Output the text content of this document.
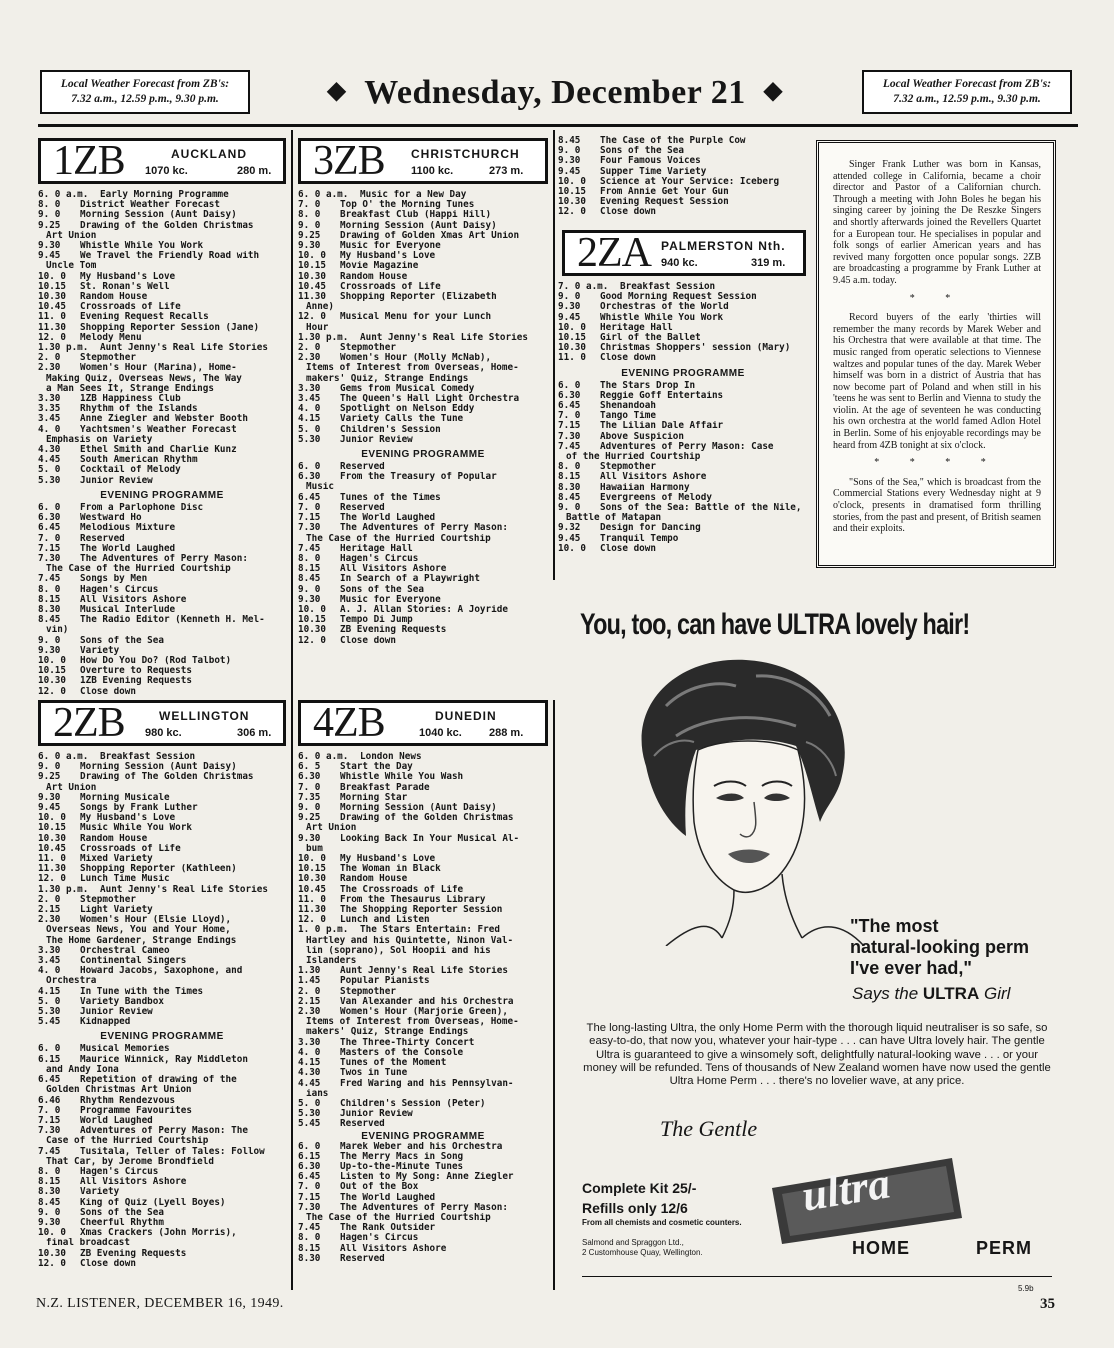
Local Weather Forecast from ZB's:
7.32 a.m., 12.59 p.m., 9.30 p.m.	◆ Wednesday, December 21 ◆	Local Weather Forecast from ZB's:
7.32 a.m., 12.59 p.m., 9.30 p.m.
1ZB	AUCKLAND
1070 kc.	280 m.
6. 0 a.m.	Early Morning Programme
8. 0	District Weather Forecast
9. 0	Morning Session (Aunt Daisy)
9.25	Drawing of the Golden Christmas
Art Union
9.30	Whistle While You Work
9.45	We Travel the Friendly Road with
Uncle Tom
10. 0	My Husband's Love
10.15	St. Ronan's Well
10.30	Random House
10.45	Crossroads of Life
11. 0	Evening Request Recalls
11.30	Shopping Reporter Session (Jane)
12. 0	Melody Menu
1.30 p.m.	Aunt Jenny's Real Life Stories
2. 0	Stepmother
2.30	Women's Hour (Marina), Home-
Making Quiz, Overseas News, The Way
a Man Sees It, Strange Endings
3.30	1ZB Happiness Club
3.35	Rhythm of the Islands
3.45	Anne Ziegler and Webster Booth
4. 0	Yachtsmen's Weather Forecast
Emphasis on Variety
4.30	Ethel Smith and Charlie Kunz
4.45	South American Rhythm
5. 0	Cocktail of Melody
5.30	Junior Review
EVENING PROGRAMME
6. 0	From a Parlophone Disc
6.30	Westward Ho
6.45	Melodious Mixture
7. 0	Reserved
7.15	The World Laughed
7.30	The Adventures of Perry Mason:
The Case of the Hurried Courtship
7.45	Songs by Men
8. 0	Hagen's Circus
8.15	All Visitors Ashore
8.30	Musical Interlude
8.45	The Radio Editor (Kenneth H. Mel-
vin)
9. 0	Sons of the Sea
9.30	Variety
10. 0	How Do You Do? (Rod Talbot)
10.15	Overture to Requests
10.30	1ZB Evening Requests
12. 0	Close down
2ZB	WELLINGTON
980 kc.	306 m.
6. 0 a.m.	Breakfast Session
9. 0	Morning Session (Aunt Daisy)
9.25	Drawing of The Golden Christmas
Art Union
9.30	Morning Musicale
9.45	Songs by Frank Luther
10. 0	My Husband's Love
10.15	Music While You Work
10.30	Random House
10.45	Crossroads of Life
11. 0	Mixed Variety
11.30	Shopping Reporter (Kathleen)
12. 0	Lunch Time Music
1.30 p.m.	Aunt Jenny's Real Life Stories
2. 0	Stepmother
2.15	Light Variety
2.30	Women's Hour (Elsie Lloyd),
Overseas News, You and Your Home,
The Home Gardener, Strange Endings
3.30	Orchestral Cameo
3.45	Continental Singers
4. 0	Howard Jacobs, Saxophone, and
Orchestra
4.15	In Tune with the Times
5. 0	Variety Bandbox
5.30	Junior Review
5.45	Kidnapped
EVENING PROGRAMME
6. 0	Musical Memories
6.15	Maurice Winnick, Ray Middleton
and Andy Iona
6.45	Repetition of drawing of the
Golden Christmas Art Union
6.46	Rhythm Rendezvous
7. 0	Programme Favourites
7.15	World Laughed
7.30	Adventures of Perry Mason: The
Case of the Hurried Courtship
7.45	Tusitala, Teller of Tales: Follow
That Car, by Jerome Brondfield
8. 0	Hagen's Circus
8.15	All Visitors Ashore
8.30	Variety
8.45	King of Quiz (Lyell Boyes)
9. 0	Sons of the Sea
9.30	Cheerful Rhythm
10. 0	Xmas Crackers (John Morris),
final broadcast
10.30	ZB Evening Requests
12. 0	Close down
3ZB CHRISTCHURCH
1100 kc.	273 m.
6. 0 a.m.	Music for a New Day
7. 0	Top O' the Morning Tunes
8. 0	Breakfast Club (Happi Hill)
9. 0	Morning Session (Aunt Daisy)
9.25	Drawing of Golden Xmas Art Union
9.30	Music for Everyone
10. 0	My Husband's Love
10.15	Movie Magazine
10.30	Random House
10.45	Crossroads of Life
11.30	Shopping Reporter (Elizabeth
Anne)
12. 0	Musical Menu for your Lunch
Hour
1.30 p.m.	Aunt Jenny's Real Life Stories
2. 0	Stepmother
2.30	Women's Hour (Molly McNab),
Items of Interest from Overseas, Home-
makers' Quiz, Strange Endings
3.30	Gems from Musical Comedy
3.45	The Queen's Hall Light Orchestra
4. 0	Spotlight on Nelson Eddy
4.15	Variety Calls the Tune
5. 0	Children's Session
5.30	Junior Review
EVENING PROGRAMME
6. 0	Reserved
6.30	From the Treasury of Popular
Music
6.45	Tunes of the Times
7. 0	Reserved
7.15	The World Laughed
7.30	The Adventures of Perry Mason:
The Case of the Hurried Courtship
7.45	Heritage Hall
8. 0	Hagen's Circus
8.15	All Visitors Ashore
8.45	In Search of a Playwright
9. 0	Sons of the Sea
9.30	Music for Everyone
10. 0	A. J. Allan Stories: A Joyride
10.15	Tempo Di Jump
10.30	ZB Evening Requests
12. 0	Close down
4ZB	DUNEDIN
1040 kc. 288 m.
6. 0 a.m.	London News
6. 5	Start the Day
6.30	Whistle While You Wash
7. 0	Breakfast Parade
7.35	Morning Star
9. 0	Morning Session (Aunt Daisy)
9.25	Drawing of the Golden Christmas
Art Union
9.30	Looking Back In Your Musical Al-
bum
10. 0	My Husband's Love
10.15	The Woman in Black
10.30	Random House
10.45	The Crossroads of Life
11. 0	From the Thesaurus Library
11.30	The Shopping Reporter Session
12. 0	Lunch and Listen
1. 0 p.m.	The Stars Entertain: Fred
Hartley and his Quintette, Ninon Val-
lin (soprano), Sol Hoopii and his
Islanders
1.30	Aunt Jenny's Real Life Stories
1.45	Popular Pianists
2. 0	Stepmother
2.15	Van Alexander and his Orchestra
2.30	Women's Hour (Marjorie Green),
Items of Interest from Overseas, Home-
makers' Quiz, Strange Endings
3.30	The Three-Thirty Concert
4. 0	Masters of the Console
4.15	Tunes of the Moment
4.30	Twos in Tune
4.45	Fred Waring and his Pennsylvan-
ians
5. 0	Children's Session (Peter)
5.30	Junior Review
5.45	Reserved
EVENING PROGRAMME
6. 0	Marek Weber and his Orchestra
6.15	The Merry Macs in Song
6.30	Up-to-the-Minute Tunes
6.45	Listen to My Song: Anne Ziegler
7. 0	Out of the Box
7.15	The World Laughed
7.30	The Adventures of Perry Mason:
The Case of the Hurried Courtship
7.45	The Rank Outsider
8. 0	Hagen's Circus
8.15	All Visitors Ashore
8.30	Reserved
8.45	The Case of the Purple Cow
9. 0	Sons of the Sea
9.30	Four Famous Voices
9.45	Supper Time Variety
10. 0	Science at Your Service: Iceberg
10.15	From Annie Get Your Gun
10.30	Evening Request Session
12. 0	Close down
2ZA PALMERSTON Nth.
940 kc.	319 m.
7. 0 a.m.	Breakfast Session
9. 0	Good Morning Request Session
9.30	Orchestras of the World
9.45	Whistle While You Work
10. 0	Heritage Hall
10.15	Girl of the Ballet
10.30	Christmas Shoppers' session (Mary)
11. 0	Close down
EVENING PROGRAMME
6. 0	The Stars Drop In
6.30	Reggie Goff Entertains
6.45	Shenandoah
7. 0	Tango Time
7.15	The Lilian Dale Affair
7.30	Above Suspicion
7.45	Adventures of Perry Mason: Case
of the Hurried Courtship
8. 0	Stepmother
8.15	All Visitors Ashore
8.30	Hawaiian Harmony
8.45	Evergreens of Melody
9. 0	Sons of the Sea: Battle of the Nile,
Battle of Matapan
9.32	Design for Dancing
9.45	Tranquil Tempo
10. 0	Close down

Singer Frank Luther was born in Kansas, attended college in California, became a choir director and Pastor of a Californian church. Through a meeting with John Boles he began his singing career by joining the De Reszke Singers and shortly afterwards joined the Revellers Quartet for a European tour. He specialises in popular and folk songs of earlier American years and has revived many forgotten once popular songs. 2ZB are broadcasting a programme by Frank Luther at 9.45 a.m. today.

* *

Record buyers of the early 'thirties will remember the many records by Marek Weber and his Orchestra that were available at that time. The music ranged from operatic selections to Viennese waltzes and popular tunes of the day. Marek Weber himself was born in a district of Austria that has now become part of Poland and when still in his 'teens he was sent to Berlin and Vienna to study the violin. At the age of seventeen he was conducting his own orchestra at the world famed Adlon Hotel in Berlin. Some of his enjoyable recordings may be heard from 4ZB tonight at six o'clock.

* * * *

"Sons of the Sea," which is broadcast from the Commercial Stations every Wednesday night at 9 o'clock, presents in dramatised form thrilling stories, from the past and present, of British seamen and their exploits.

You, too, can have ULTRA lovely hair!
"The most
natural-looking perm
I've ever had,"
Says the ULTRA Girl
The long-lasting Ultra, the only Home Perm with the thorough liquid neutraliser is so safe, so easy-to-do, that now you, whatever your hair-type . . . can have Ultra lovely hair. The gentle Ultra is guaranteed to give a winsomely soft, delightfully natural-looking wave . . . or your money will be refunded. Tens of thousands of New Zealand women have now used the gentle Ultra Home Perm . . . there's no lovelier wave, at any price.
The Gentle
ultra
Complete Kit 25/-
Refills only 12/6
From all chemists and cosmetic counters.
Salmond and Spraggon Ltd.,
2 Customhouse Quay, Wellington.	HOME	PERM
5.9b
N.Z. LISTENER, DECEMBER 16, 1949.	35
